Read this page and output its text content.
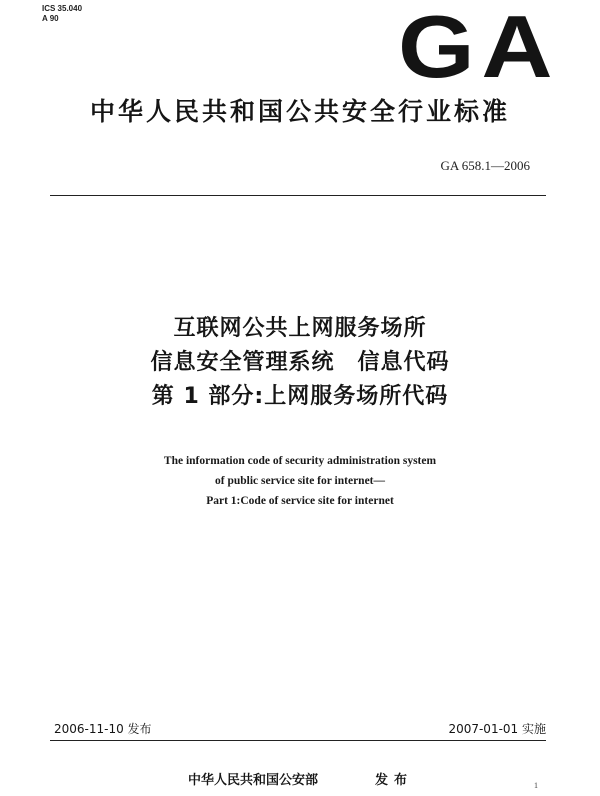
ICS 35.040
A 90	GA
中华人民共和国公共安全行业标准
GA 658.1—2006
互联网公共上网服务场所
信息安全管理系统　信息代码
第 1 部分:上网服务场所代码
The information code of security administration system
of public service site for internet—
Part 1:Code of service site for internet
2006-11-10 发布	2007-01-01 实施
中华人民共和国公安部	发布	1
